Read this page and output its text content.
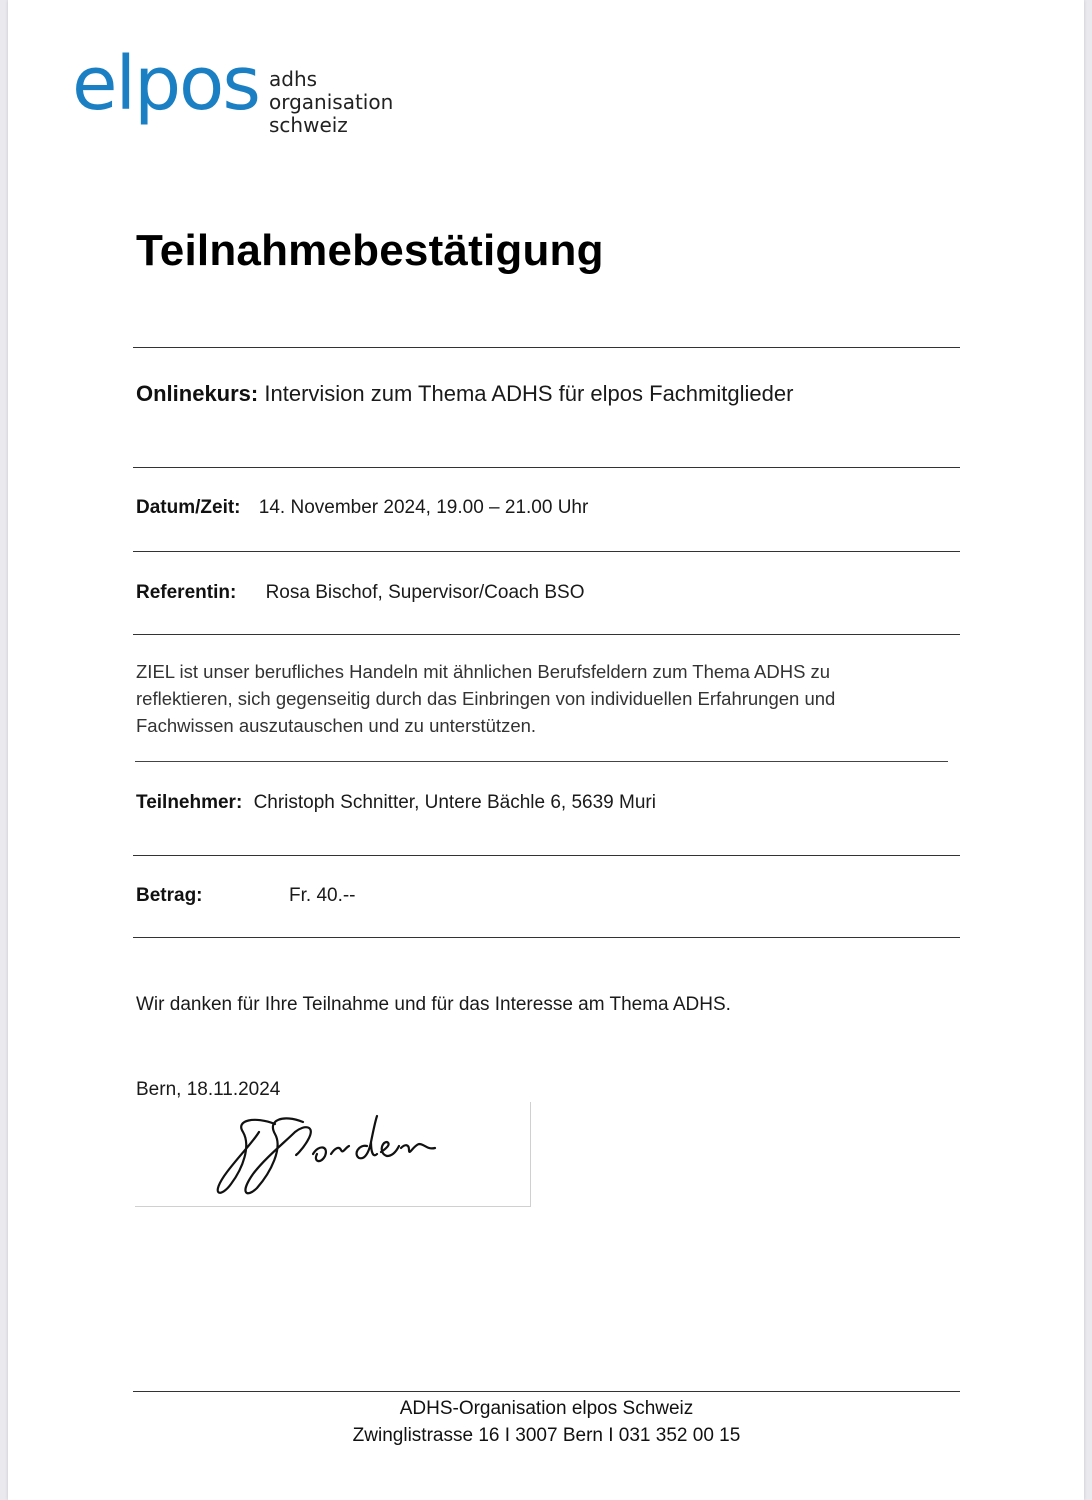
elpos adhs
organisation
schweiz
Teilnahmebestätigung
Onlinekurs: Intervision zum Thema ADHS für elpos Fachmitglieder
Datum/Zeit: 14. November 2024, 19.00 – 21.00 Uhr
Referentin: Rosa Bischof, Supervisor/Coach BSO
ZIEL ist unser berufliches Handeln mit ähnlichen Berufsfeldern zum Thema ADHS zu
reflektieren, sich gegenseitig durch das Einbringen von individuellen Erfahrungen und
Fachwissen auszutauschen und zu unterstützen.
Teilnehmer: Christoph Schnitter, Untere Bächle 6, 5639 Muri
Betrag:	Fr. 40.--
Wir danken für Ihre Teilnahme und für das Interesse am Thema ADHS.
Bern, 18.11.2024
ADHS-Organisation elpos Schweiz
Zwinglistrasse 16 I 3007 Bern I 031 352 00 15
